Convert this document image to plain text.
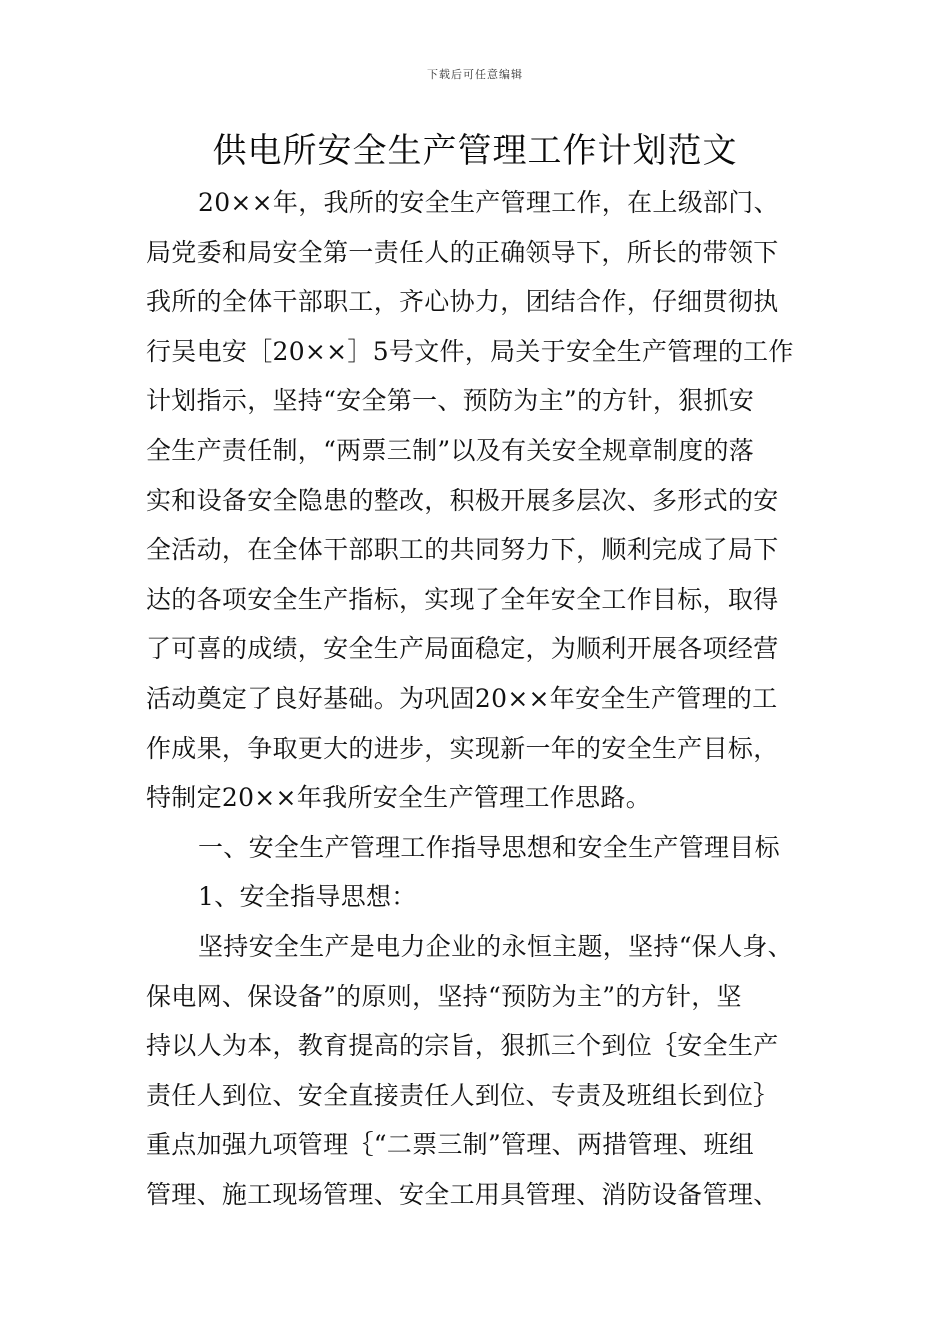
下载后可任意编辑
供电所安全生产管理工作计划范文
20××年，我所的安全生产管理工作，在上级部门、
局党委和局安全第一责任人的正确领导下，所长的带领下
我所的全体干部职工，齐心协力，团结合作，仔细贯彻执
行吴电安［20××］5号文件，局关于安全生产管理的工作
计划指示，坚持“安全第一、预防为主”的方针，狠抓安
全生产责任制，“两票三制”以及有关安全规章制度的落
实和设备安全隐患的整改，积极开展多层次、多形式的安
全活动，在全体干部职工的共同努力下，顺利完成了局下
达的各项安全生产指标，实现了全年安全工作目标，取得
了可喜的成绩，安全生产局面稳定，为顺利开展各项经营
活动奠定了良好基础。为巩固20××年安全生产管理的工
作成果，争取更大的进步，实现新一年的安全生产目标，
特制定20××年我所安全生产管理工作思路。
一、安全生产管理工作指导思想和安全生产管理目标
1、安全指导思想：
坚持安全生产是电力企业的永恒主题，坚持“保人身、
保电网、保设备”的原则，坚持“预防为主”的方针，坚
持以人为本，教育提高的宗旨，狠抓三个到位｛安全生产
责任人到位、安全直接责任人到位、专责及班组长到位｝
重点加强九项管理｛“二票三制”管理、两措管理、班组
管理、施工现场管理、安全工用具管理、消防设备管理、
